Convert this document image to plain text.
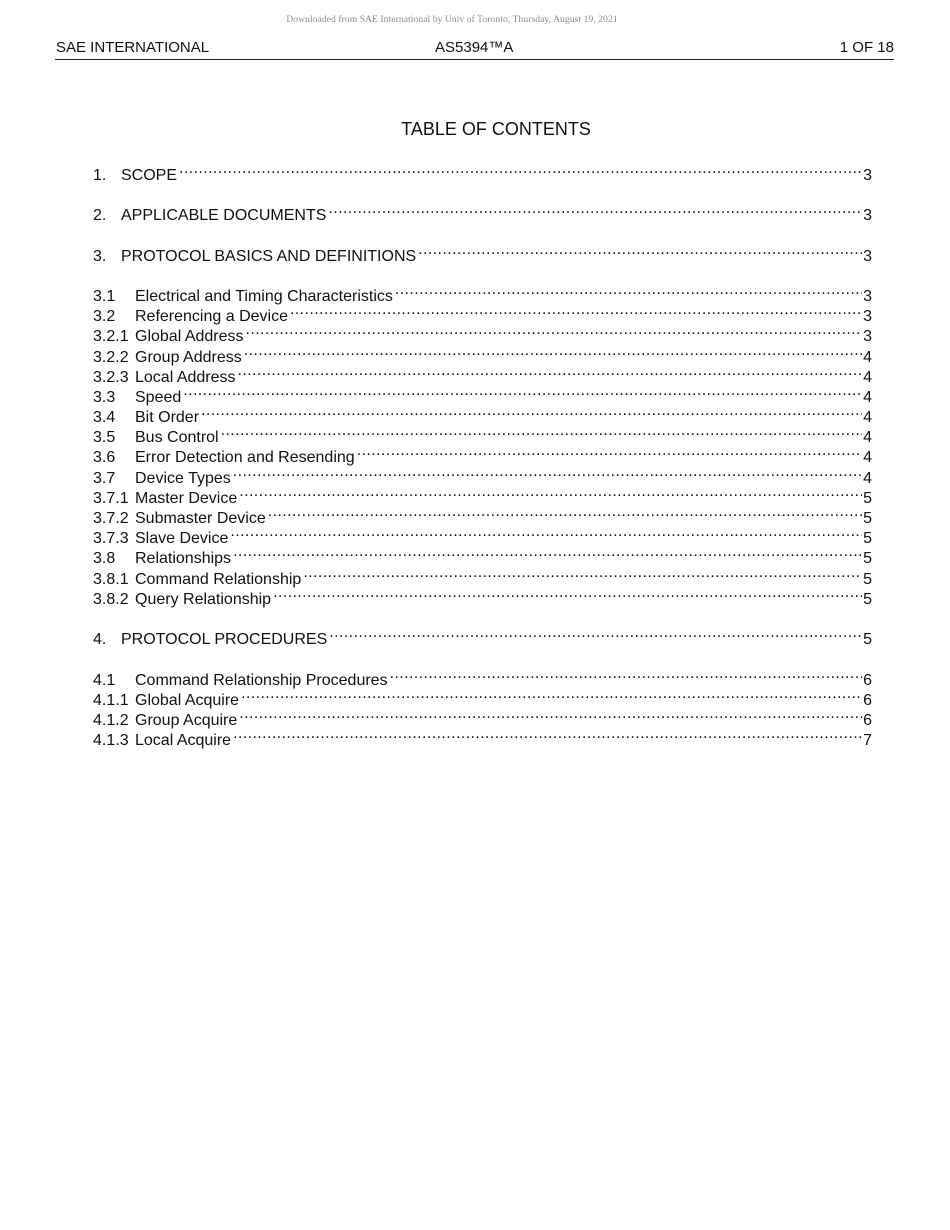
Downloaded from SAE International by Univ of Toronto, Thursday, August 19, 2021
SAE INTERNATIONAL	AS5394™A	1 OF 18
TABLE OF CONTENTS
1. SCOPE .....	3
2. APPLICABLE DOCUMENTS .....	3
3. PROTOCOL BASICS AND DEFINITIONS .....	3
3.1	Electrical and Timing Characteristics .....	3
3.2	Referencing a Device .....	3
3.2.1 Global Address .....	3
3.2.2 Group Address .....	4
3.2.3 Local Address .....	4
3.3	Speed .....	4
3.4	Bit Order .....	4
3.5	Bus Control .....	4
3.6	Error Detection and Resending .....	4
3.7	Device Types .....	4
3.7.1 Master Device .....	5
3.7.2 Submaster Device .....	5
3.7.3 Slave Device .....	5
3.8	Relationships .....	5
3.8.1 Command Relationship .....	5
3.8.2 Query Relationship .....	5
4. PROTOCOL PROCEDURES .....	5
4.1	Command Relationship Procedures .....	6
4.1.1 Global Acquire .....	6
4.1.2 Group Acquire .....	6
4.1.3 Local Acquire .....	7
